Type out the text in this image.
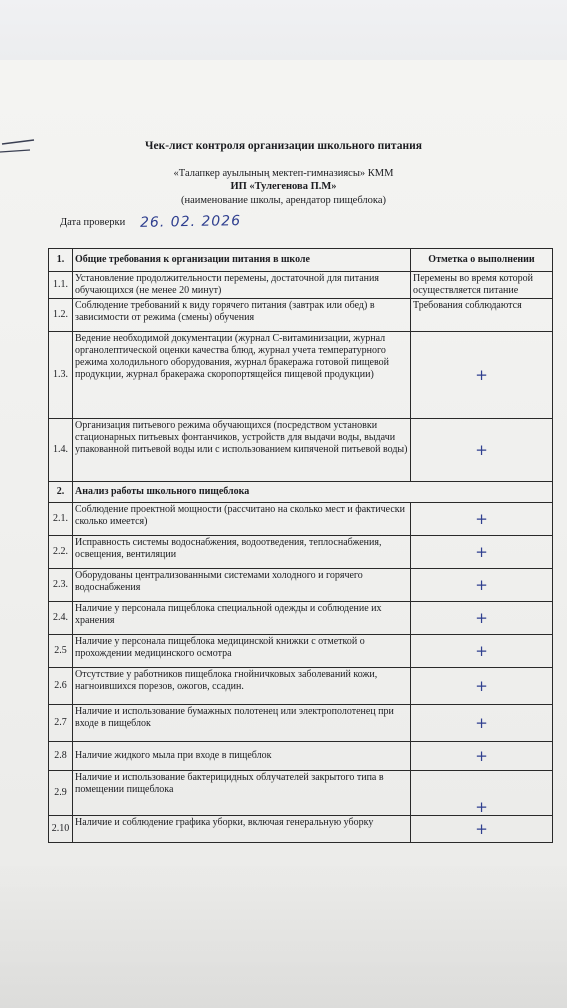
Чек-лист контроля организации школьного питания
«Талапкер ауылының мектеп-гимназиясы» КММ
ИП «Тулегенова П.М»
(наименование школы, арендатор пищеблока)
Дата проверки 26. 02. 2026
1.	Общие требования к организации питания в школе	Отметка о выполнении
1.1.	Установление продолжительности перемены, достаточной для питания обучающихся (не менее 20 минут)	Перемены во время которой осуществляется питание
1.2.	Соблюдение требований к виду горячего питания (завтрак или обед) в зависимости от режима (смены) обучения	Требования соблюдаются
1.3.	Ведение необходимой документации (журнал С-витаминизации, журнал органолептической оценки качества блюд, журнал учета температурного режима холодильного оборудования, журнал бракеража готовой пищевой продукции, журнал бракеража скоропортящейся пищевой продукции)	+

1.4.	Организация питьевого режима обучающихся (посредством установки стационарных питьевых фонтанчиков, устройств для выдачи воды, выдачи упакованной питьевой воды или с использованием кипяченой питьевой воды)	+

2.	Анализ работы школьного пищеблока	
2.1.	Соблюдение проектной мощности (рассчитано на сколько мест и фактически сколько имеется)	+

2.2.	Исправность системы водоснабжения, водоотведения, теплоснабжения, освещения, вентиляции	+

2.3.	Оборудованы централизованными системами холодного и горячего водоснабжения	+

2.4.	Наличие у персонала пищеблока специальной одежды и соблюдение их хранения	+

2.5	Наличие у персонала пищеблока медицинской книжки с отметкой о прохождении медицинского осмотра	+

2.6	Отсутствие у работников пищеблока гнойничковых заболеваний кожи, нагноившихся порезов, ожогов, ссадин.	+

2.7	Наличие и использование бумажных полотенец или электрополотенец при входе в пищеблок	+

2.8	Наличие жидкого мыла при входе в пищеблок	+

2.9	Наличие и использование бактерицидных облучателей закрытого типа в помещении пищеблока	+

2.10	Наличие и соблюдение графика уборки, включая генеральную уборку	+
